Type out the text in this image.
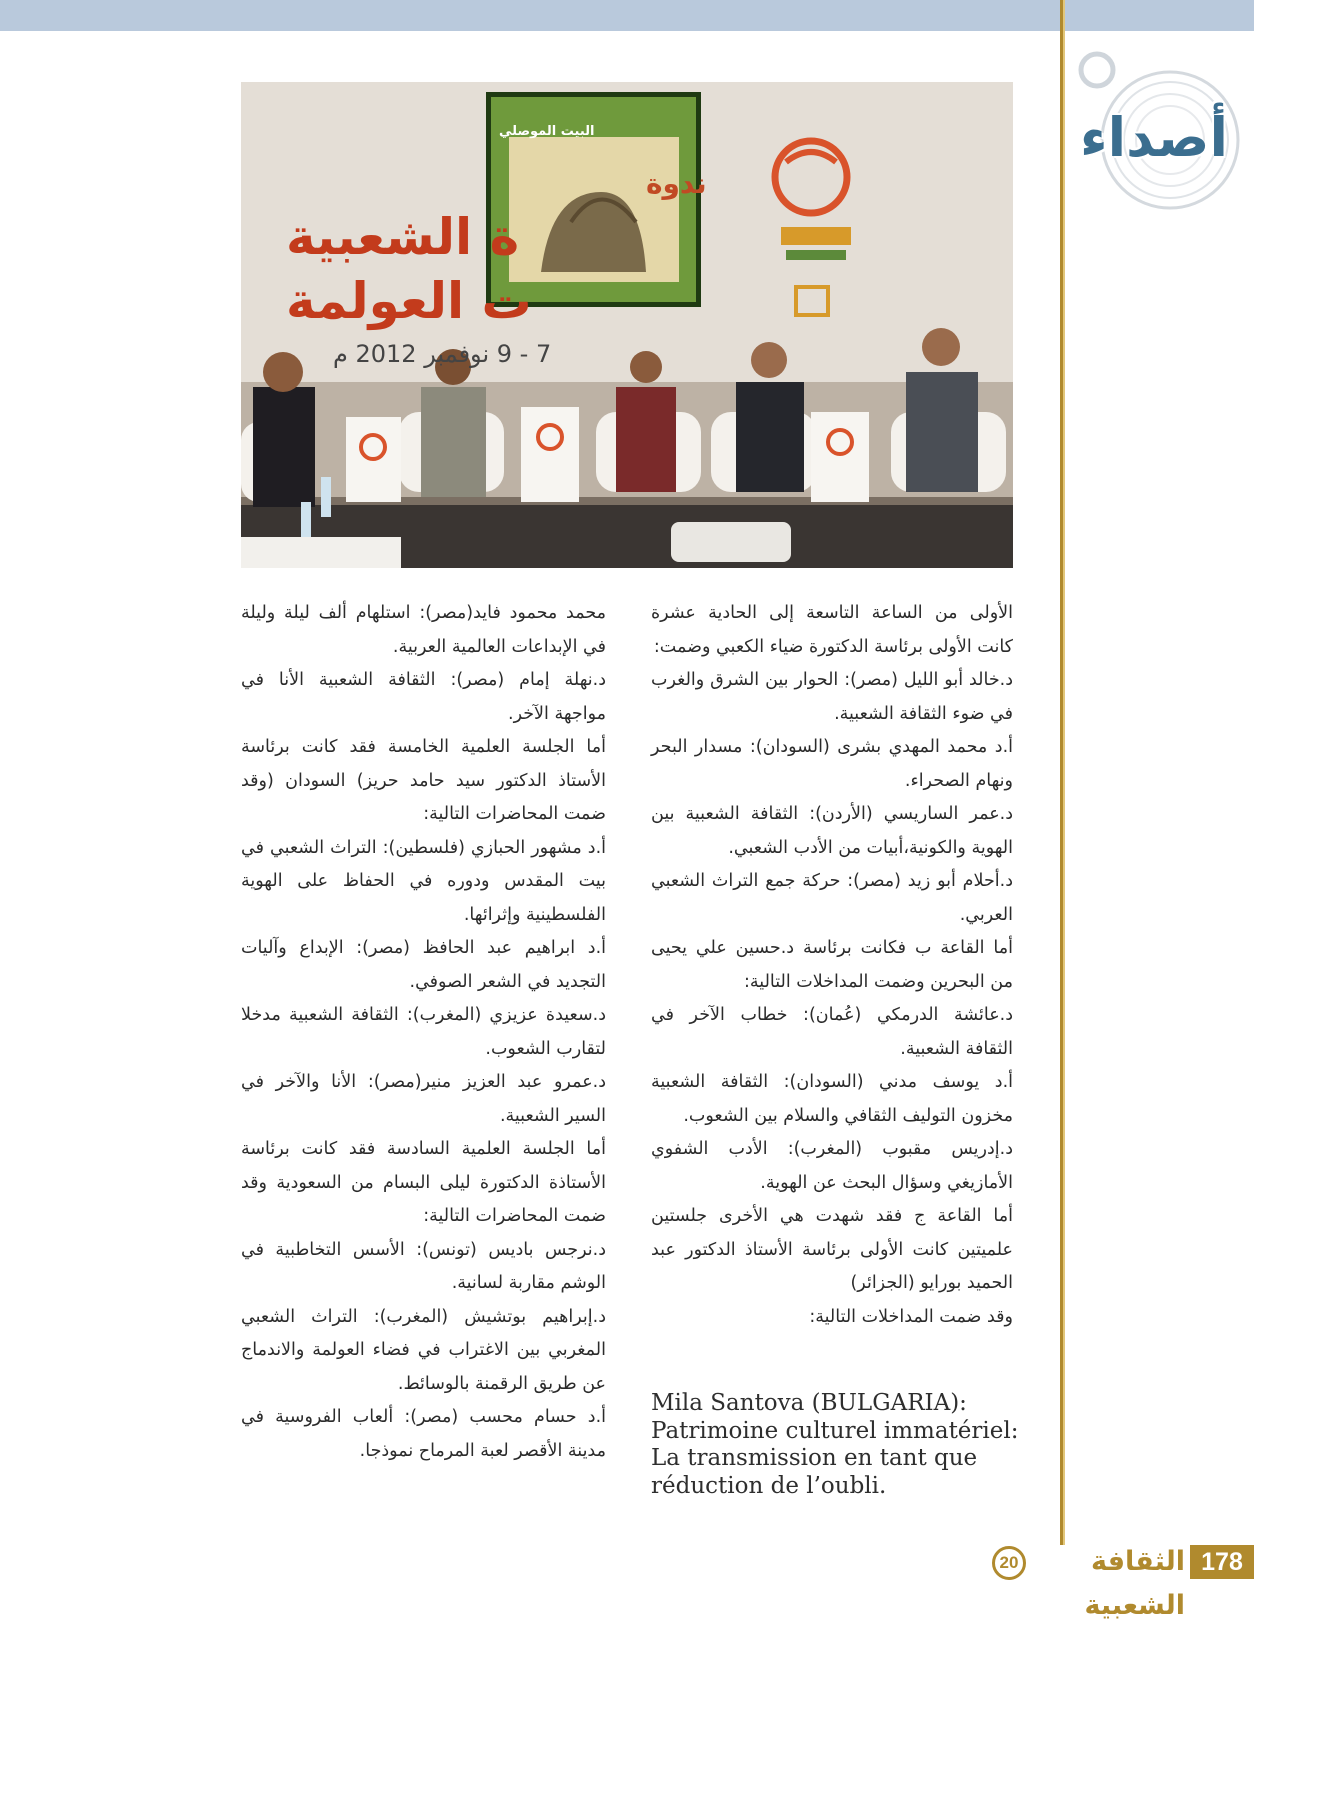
أصداء
ندوة
ة الشعبية
ت العولمة
7 - 9 نوفمبر 2012 م
البيت الموصلي

الأولى من الساعة التاسعة إلى الحادية عشرة كانت الأولى برئاسة الدكتورة ضياء الكعبي وضمت:

د.خالد أبو الليل (مصر): الحوار بين الشرق والغرب في ضوء الثقافة الشعبية.

أ.د محمد المهدي بشرى (السودان): مسدار البحر ونهام الصحراء.

د.عمر الساريسي (الأردن): الثقافة الشعبية بين الهوية والكونية،أبيات من الأدب الشعبي.

د.أحلام أبو زيد (مصر): حركة جمع التراث الشعبي العربي.

أما القاعة ب فكانت برئاسة د.حسين علي يحيى من البحرين وضمت المداخلات التالية:

د.عائشة الدرمكي (عُمان): خطاب الآخر في الثقافة الشعبية.

أ.د يوسف مدني (السودان): الثقافة الشعبية مخزون التوليف الثقافي والسلام بين الشعوب.

د.إدريس مقبوب (المغرب): الأدب الشفوي الأمازيغي وسؤال البحث عن الهوية.

أما القاعة ج فقد شهدت هي الأخرى جلستين علميتين كانت الأولى برئاسة الأستاذ الدكتور عبد الحميد بورايو (الجزائر)

وقد ضمت المداخلات التالية:

Mila Santova (BULGARIA):

Patrimoine culturel immatériel:

La transmission en tant que

réduction de l’oubli.

محمد محمود فايد(مصر): استلهام ألف ليلة وليلة في الإبداعات العالمية العربية.

د.نهلة إمام (مصر): الثقافة الشعبية الأنا في مواجهة الآخر.

أما الجلسة العلمية الخامسة فقد كانت برئاسة الأستاذ الدكتور سيد حامد حريز) السودان (وقد ضمت المحاضرات التالية:

أ.د مشهور الحبازي (فلسطين): التراث الشعبي في بيت المقدس ودوره في الحفاظ على الهوية الفلسطينية وإثرائها.

أ.د ابراهيم عبد الحافظ (مصر): الإبداع وآليات التجديد في الشعر الصوفي.

د.سعيدة عزيزي (المغرب): الثقافة الشعبية مدخلا لتقارب الشعوب.

د.عمرو عبد العزيز منير(مصر): الأنا والآخر في السير الشعبية.

أما الجلسة العلمية السادسة فقد كانت برئاسة الأستاذة الدكتورة ليلى البسام من السعودية وقد ضمت المحاضرات التالية:

د.نرجس باديس (تونس): الأسس التخاطبية في الوشم مقاربة لسانية.

د.إبراهيم بوتشيش (المغرب): التراث الشعبي المغربي بين الاغتراب في فضاء العولمة والاندماج عن طريق الرقمنة بالوسائط.

أ.د حسام محسب (مصر): ألعاب الفروسية في مدينة الأقصر لعبة المرماح نموذجا.

178
الثقافة الشعبية
20
